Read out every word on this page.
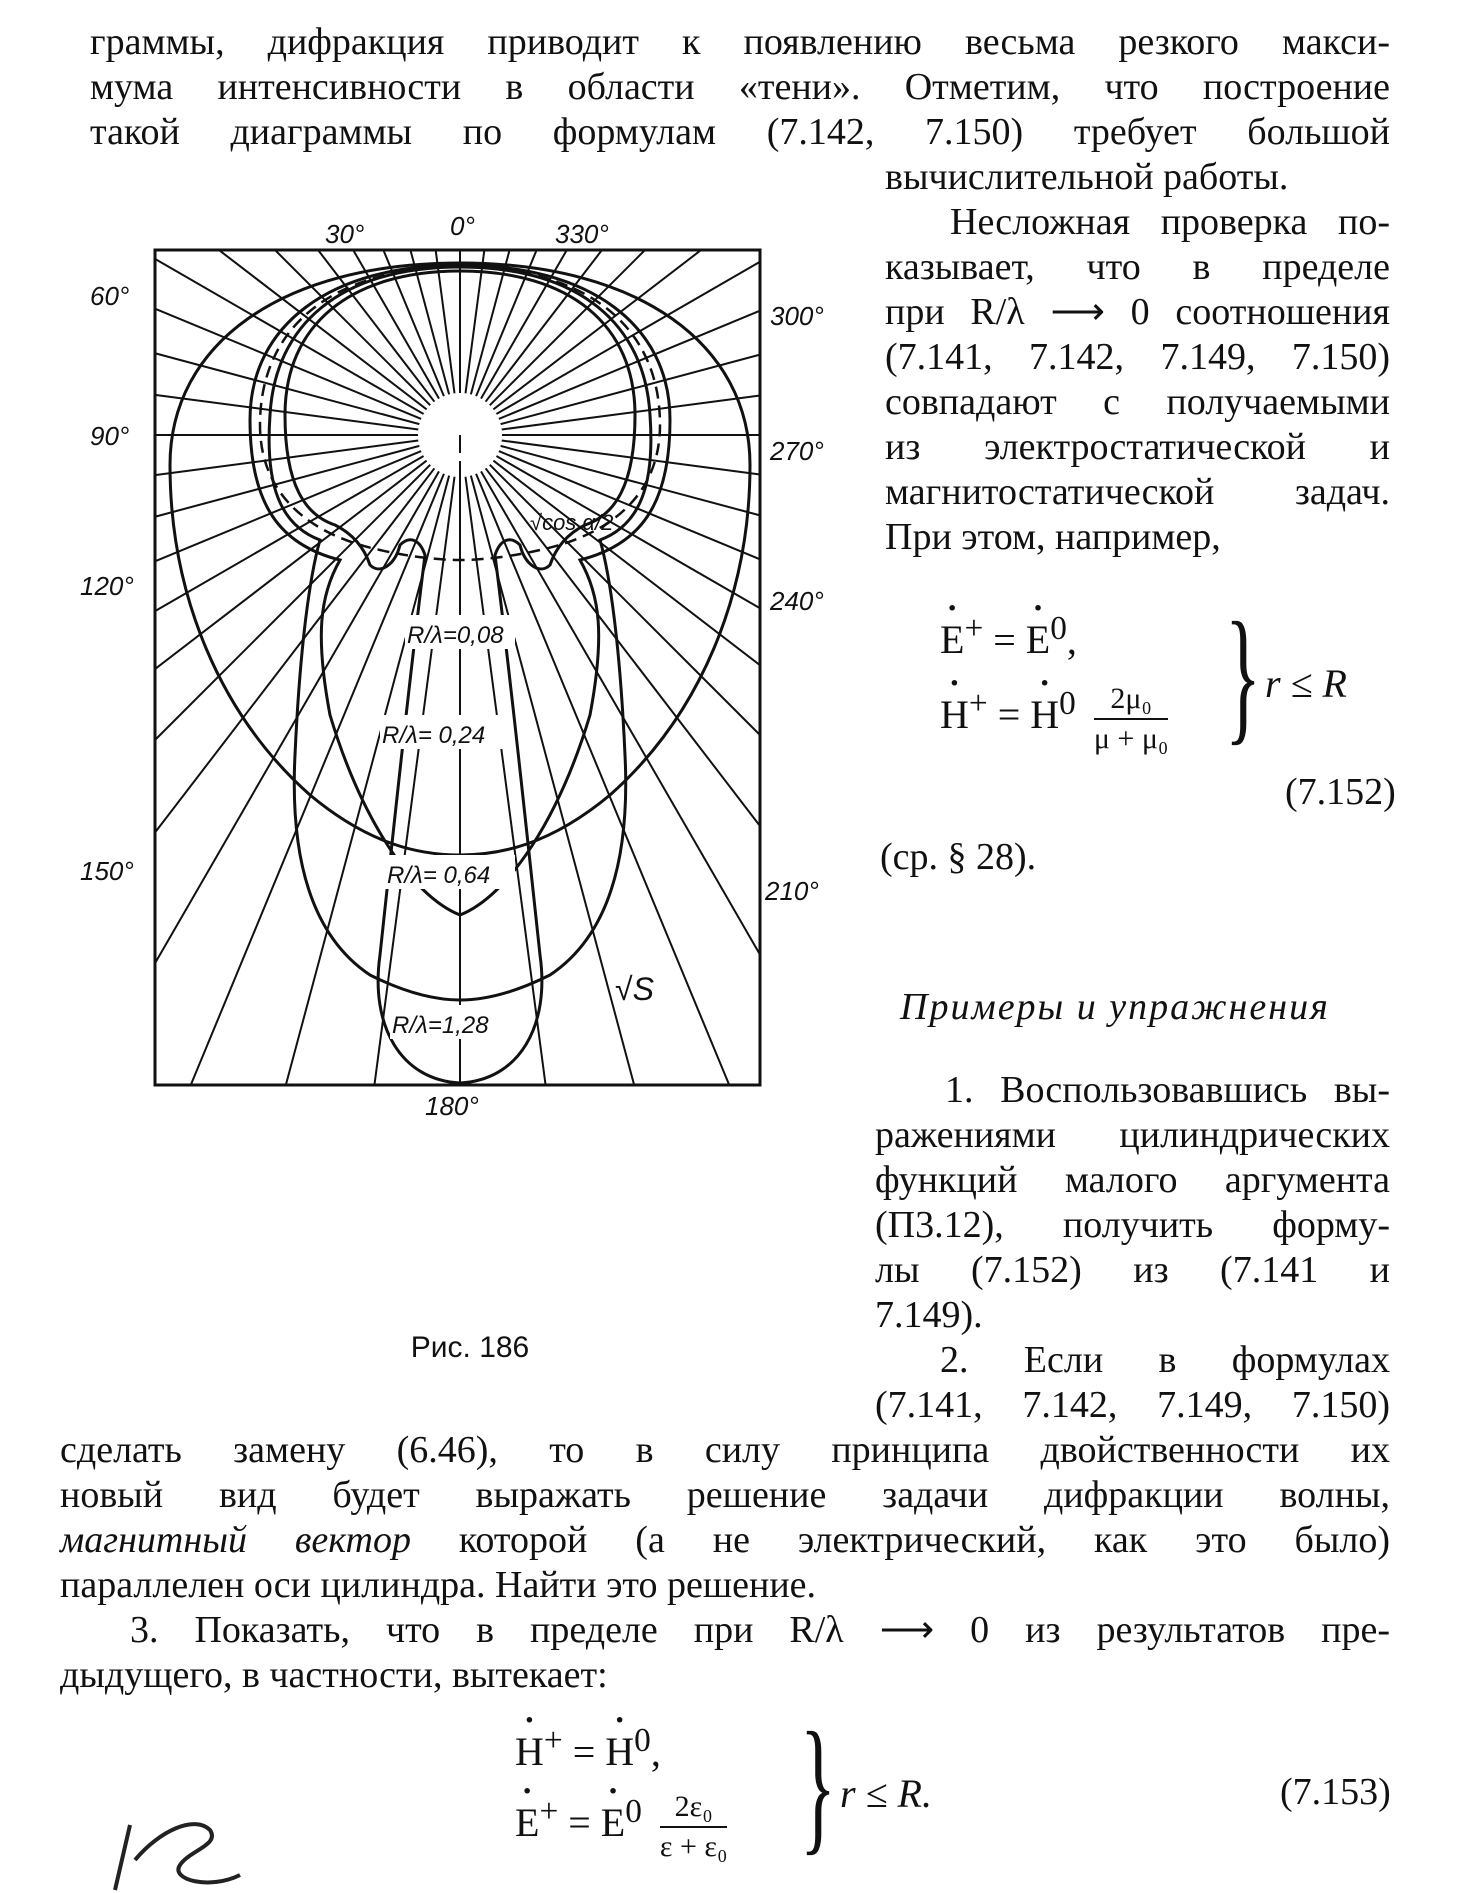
граммы, дифракция приводит к появлению весьма резкого макси-
мума интенсивности в области «тени». Отметим, что построение
такой диаграммы по формулам (7.142, 7.150) требует большой
вычислительной работы.
Несложная проверка по-
казывает, что в пределе
при R/λ ⟶ 0 соотношения
(7.141, 7.142, 7.149, 7.150)
совпадают с получаемыми
из электростатической и
магнитостатической задач.
При этом, например,
· E+ = · $E^0$,
· H+ = · $H^0 \frac{\text{2μ₀}}{\text{μ + μ₀}}$ } r ≤ R
(7.152)
(ср. § 28).
Примеры и упражнения
1. Воспользовавшись вы-
ражениями цилиндрических
функций малого аргумента
(П3.12), получить форму-
лы (7.152) из (7.141 и
7.149).
2. Если в формулах
(7.141, 7.142, 7.149, 7.150)
сделать замену (6.46), то в силу принципа двойственности их
новый вид будет выражать решение задачи дифракции волны,
магнитный вектор которой (а не электрический, как это было)
параллелен оси цилиндра. Найти это решение.
3. Показать, что в пределе при R/λ ⟶ 0 из результатов пре-
дыдущего, в частности, вытекает:
· H+ = · $H^0$,
· E+ = · $E^0 \frac{\text{2ε₀}}{\text{ε + ε₀}}$ } r ≤ R.	(7.153)
0°
30°	330°
60°
300°
90°	270°
120°	240°
150°
210°
180°
R/λ=0,08
R/λ= 0,24
R/λ= 0,64
R/λ=1,28
√cos α/2
√S
Рис. 186
